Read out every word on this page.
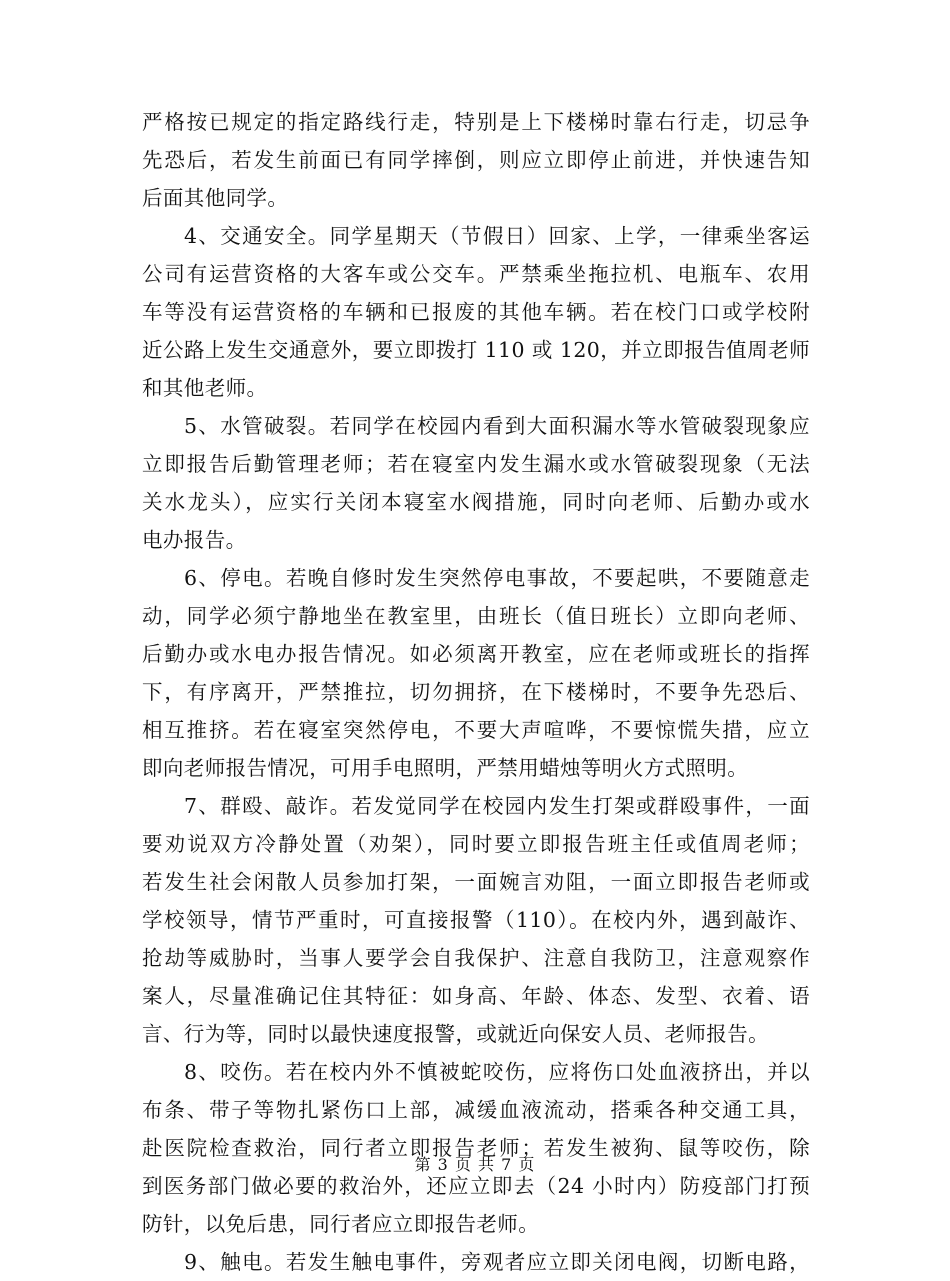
严格按已规定的指定路线行走，特别是上下楼梯时靠右行走，切忌争
先恐后，若发生前面已有同学摔倒，则应立即停止前进，并快速告知
后面其他同学。
4、交通安全。同学星期天（节假日）回家、上学，一律乘坐客运
公司有运营资格的大客车或公交车。严禁乘坐拖拉机、电瓶车、农用
车等没有运营资格的车辆和已报废的其他车辆。若在校门口或学校附
近公路上发生交通意外，要立即拨打 110 或 120，并立即报告值周老师
和其他老师。
5、水管破裂。若同学在校园内看到大面积漏水等水管破裂现象应
立即报告后勤管理老师；若在寝室内发生漏水或水管破裂现象（无法
关水龙头），应实行关闭本寝室水阀措施，同时向老师、后勤办或水
电办报告。
6、停电。若晚自修时发生突然停电事故，不要起哄，不要随意走
动，同学必须宁静地坐在教室里，由班长（值日班长）立即向老师、
后勤办或水电办报告情况。如必须离开教室，应在老师或班长的指挥
下，有序离开，严禁推拉，切勿拥挤，在下楼梯时，不要争先恐后、
相互推挤。若在寝室突然停电，不要大声喧哗，不要惊慌失措，应立
即向老师报告情况，可用手电照明，严禁用蜡烛等明火方式照明。
7、群殴、敲诈。若发觉同学在校园内发生打架或群殴事件，一面
要劝说双方冷静处置（劝架），同时要立即报告班主任或值周老师；
若发生社会闲散人员参加打架，一面婉言劝阻，一面立即报告老师或
学校领导，情节严重时，可直接报警（110）。在校内外，遇到敲诈、
抢劫等威胁时，当事人要学会自我保护、注意自我防卫，注意观察作
案人，尽量准确记住其特征：如身高、年龄、体态、发型、衣着、语
言、行为等，同时以最快速度报警，或就近向保安人员、老师报告。
8、咬伤。若在校内外不慎被蛇咬伤，应将伤口处血液挤出，并以
布条、带子等物扎紧伤口上部，减缓血液流动，搭乘各种交通工具，
赴医院检查救治，同行者立即报告老师；若发生被狗、鼠等咬伤，除
到医务部门做必要的救治外，还应立即去（24 小时内）防疫部门打预
防针，以免后患，同行者应立即报告老师。
9、触电。若发生触电事件，旁观者应立即关闭电阀，切断电路，
第 3 页 共 7 页
